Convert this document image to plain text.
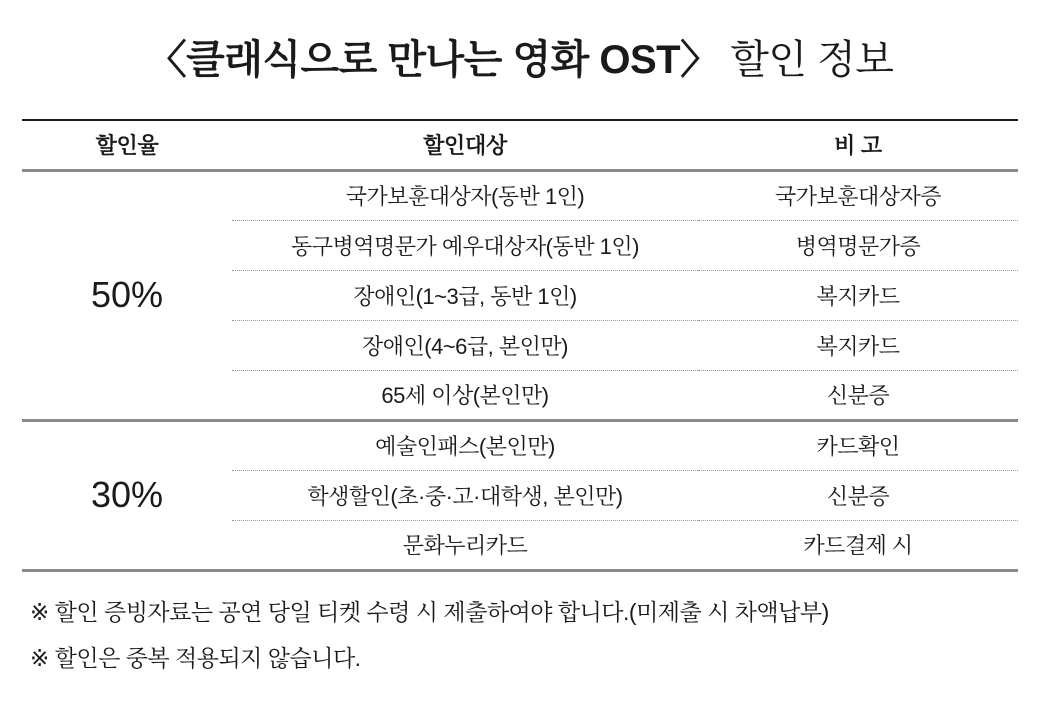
〈클래식으로 만나는 영화 OST〉 할인 정보
할인율	할인대상	비 고
50%	국가보훈대상자(동반 1인)	국가보훈대상자증
	동구병역명문가 예우대상자(동반 1인)	병역명문가증
	장애인(1~3급, 동반 1인)	복지카드
	장애인(4~6급, 본인만)	복지카드
	65세 이상(본인만)	신분증
30%	예술인패스(본인만)	카드확인
	학생할인(초·중·고·대학생, 본인만)	신분증
	문화누리카드	카드결제 시

※ 할인 증빙자료는 공연 당일 티켓 수령 시 제출하여야 합니다.(미제출 시 차액납부)

※ 할인은 중복 적용되지 않습니다.
